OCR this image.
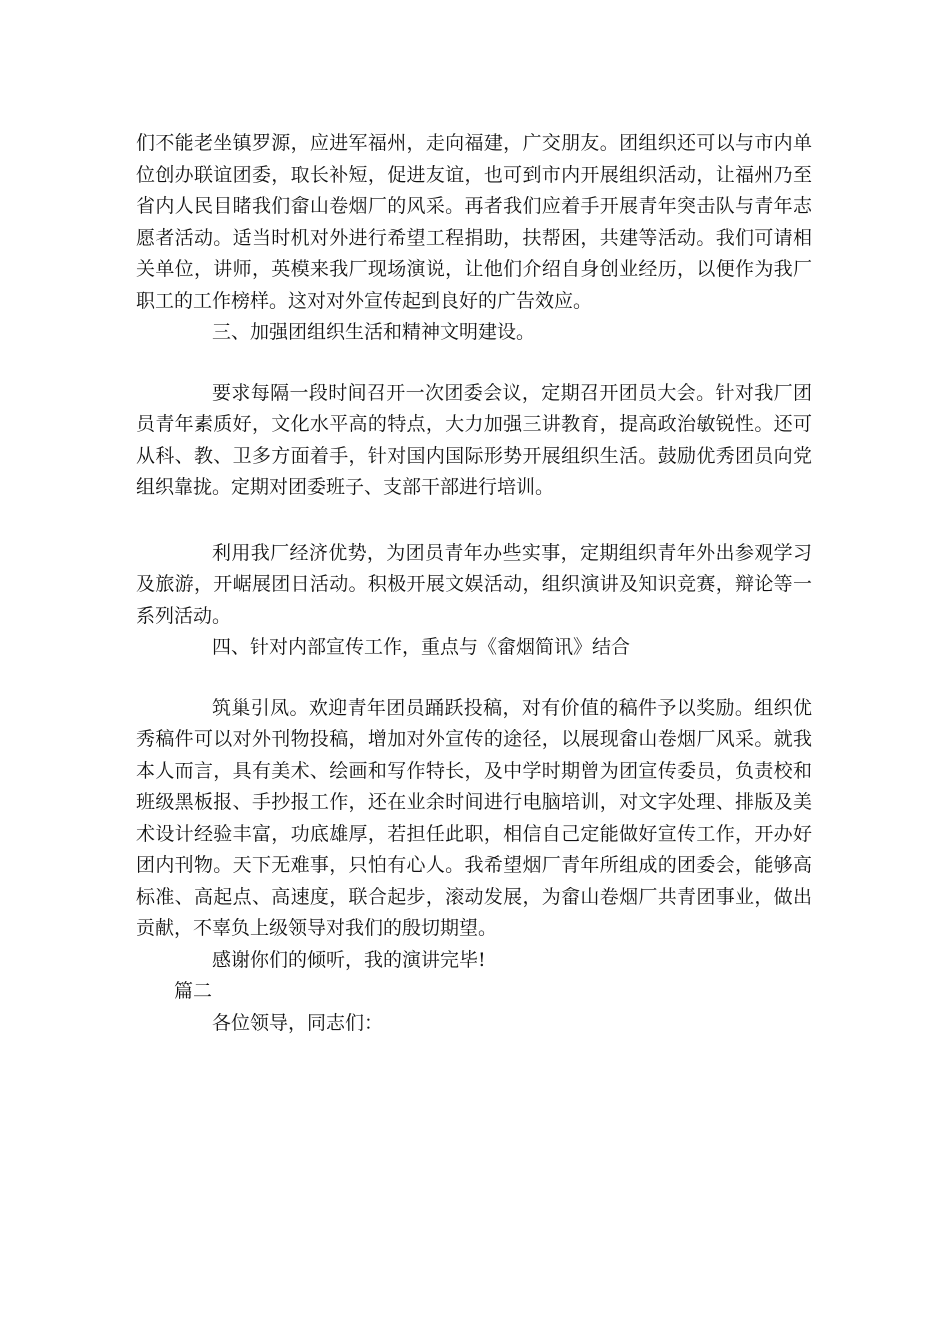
们不能老坐镇罗源，应进军福州，走向福建，广交朋友。团组织还可以与市内单位创办联谊团委，取长补短，促进友谊，也可到市内开展组织活动，让福州乃至省内人民目睹我们畲山卷烟厂的风采。再者我们应着手开展青年突击队与青年志愿者活动。适当时机对外进行希望工程捐助，扶帮困，共建等活动。我们可请相关单位，讲师，英模来我厂现场演说，让他们介绍自身创业经历，以便作为我厂职工的工作榜样。这对对外宣传起到良好的广告效应。

三、加强团组织生活和精神文明建设。

要求每隔一段时间召开一次团委会议，定期召开团员大会。针对我厂团员青年素质好，文化水平高的特点，大力加强三讲教育，提高政治敏锐性。还可从科、教、卫多方面着手，针对国内国际形势开展组织生活。鼓励优秀团员向党组织靠拢。定期对团委班子、支部干部进行培训。

利用我厂经济优势，为团员青年办些实事，定期组织青年外出参观学习及旅游，开崌展团日活动。积极开展文娱活动，组织演讲及知识竞赛，辩论等一系列活动。

四、针对内部宣传工作，重点与《畲烟简讯》结合

筑巢引凤。欢迎青年团员踊跃投稿，对有价值的稿件予以奖励。组织优秀稿件可以对外刊物投稿，增加对外宣传的途径，以展现畲山卷烟厂风采。就我本人而言，具有美术、绘画和写作特长，及中学时期曾为团宣传委员，负责校和班级黑板报、手抄报工作，还在业余时间进行电脑培训，对文字处理、排版及美术设计经验丰富，功底雄厚，若担任此职，相信自己定能做好宣传工作，开办好团内刊物。天下无难事，只怕有心人。我希望烟厂青年所组成的团委会，能够高标准、高起点、高速度，联合起步，滚动发展，为畲山卷烟厂共青团事业，做出贡献，不辜负上级领导对我们的殷切期望。

感谢你们的倾听，我的演讲完毕!

篇二

各位领导，同志们：
